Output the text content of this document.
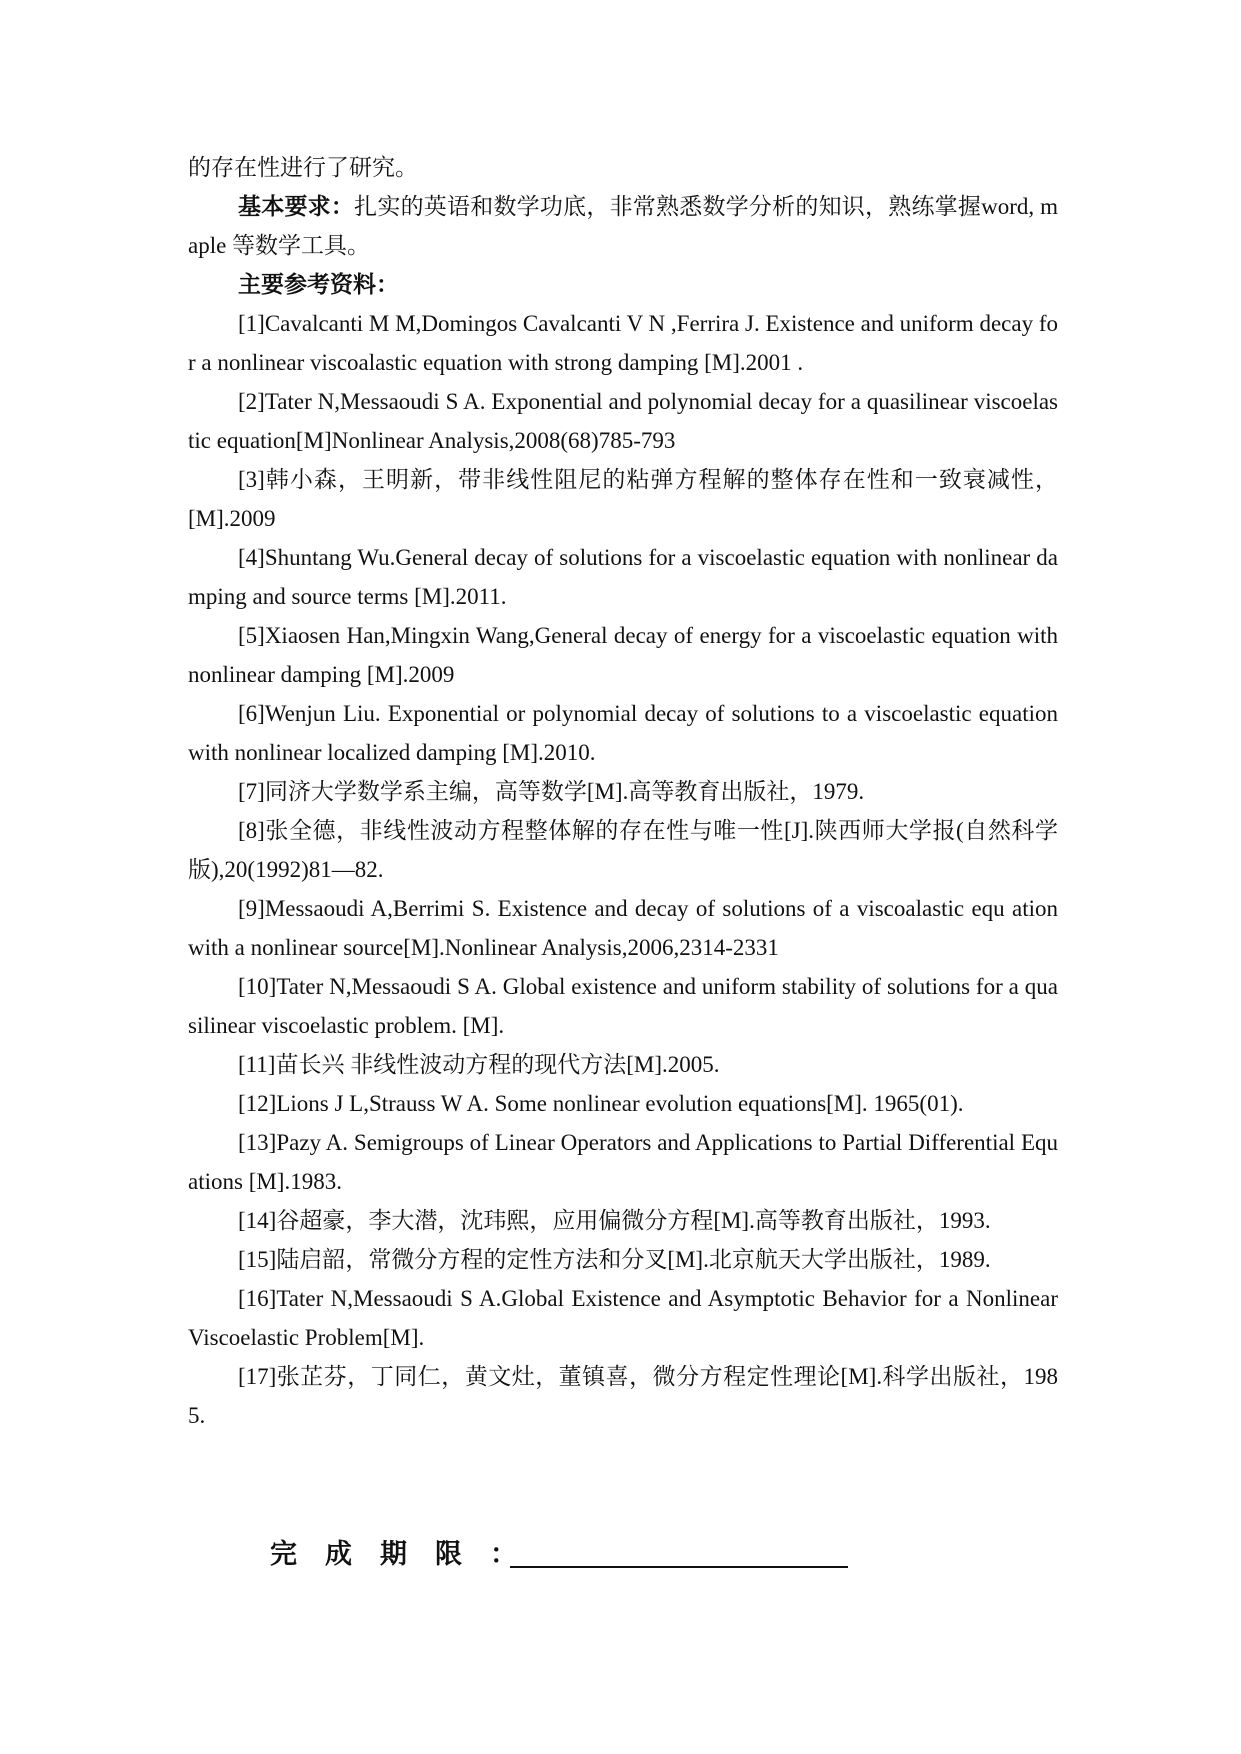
的存在性进行了研究。

基本要求：扎实的英语和数学功底，非常熟悉数学分析的知识，熟练掌握word, maple 等数学工具。

主要参考资料：

[1]Cavalcanti M M,Domingos Cavalcanti V N ,Ferrira J. Existence and uniform decay for a nonlinear viscoalastic equation with strong damping [M].2001 .

[2]Tater N,Messaoudi S A. Exponential and polynomial decay for a quasilinear viscoelastic equation[M]Nonlinear Analysis,2008(68)785-793

[3]韩小森，王明新，带非线性阻尼的粘弹方程解的整体存在性和一致衰减性，[M].2009

[4]Shuntang Wu.General decay of solutions for a viscoelastic equation with nonlinear damping and source terms [M].2011.

[5]Xiaosen Han,Mingxin Wang,General decay of energy for a viscoelastic equation with nonlinear damping [M].2009

[6]Wenjun Liu. Exponential or polynomial decay of solutions to a viscoelastic equation with nonlinear localized damping [M].2010.

[7]同济大学数学系主编，高等数学[M].高等教育出版社，1979.

[8]张全德，非线性波动方程整体解的存在性与唯一性[J].陕西师大学报(自然科学版),20(1992)81—82.

[9]Messaoudi A,Berrimi S. Existence and decay of solutions of a viscoalastic equ ation with a nonlinear source[M].Nonlinear Analysis,2006,2314-2331

[10]Tater N,Messaoudi S A. Global existence and uniform stability of solutions for a quasilinear viscoelastic problem. [M].

[11]苗长兴 非线性波动方程的现代方法[M].2005.

[12]Lions J L,Strauss W A. Some nonlinear evolution equations[M]. 1965(01).

[13]Pazy A. Semigroups of Linear Operators and Applications to Partial Differential Equations [M].1983.

[14]谷超豪，李大潜，沈玮熙，应用偏微分方程[M].高等教育出版社，1993.

[15]陆启韶，常微分方程的定性方法和分叉[M].北京航天大学出版社，1989.

[16]Tater N,Messaoudi S A.Global Existence and Asymptotic Behavior for a Nonlinear Viscoelastic Problem[M].

[17]张芷芬，丁同仁，黄文灶，董镇喜，微分方程定性理论[M].科学出版社，1985.

完成期限：
